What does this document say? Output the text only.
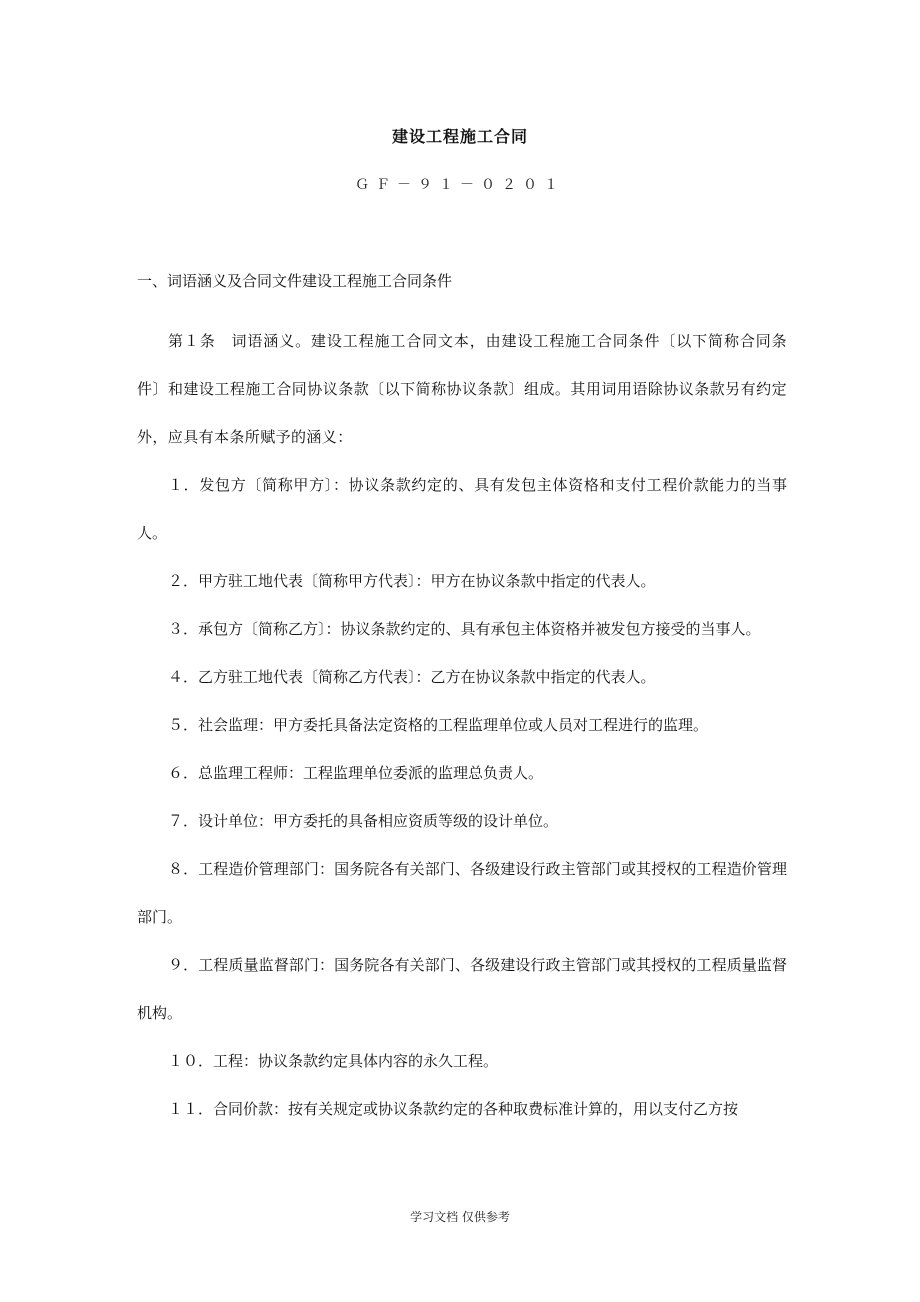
建设工程施工合同
ＧＦ－９１－０２０１
一、词语涵义及合同文件建设工程施工合同条件

第１条　词语涵义。建设工程施工合同文本，由建设工程施工合同条件〔以下简称合同条件〕和建设工程施工合同协议条款〔以下简称协议条款〕组成。其用词用语除协议条款另有约定外，应具有本条所赋予的涵义：

１．发包方〔简称甲方〕：协议条款约定的、具有发包主体资格和支付工程价款能力的当事人。

２．甲方驻工地代表〔简称甲方代表〕：甲方在协议条款中指定的代表人。

３．承包方〔简称乙方〕：协议条款约定的、具有承包主体资格并被发包方接受的当事人。

４．乙方驻工地代表〔简称乙方代表〕：乙方在协议条款中指定的代表人。

５．社会监理：甲方委托具备法定资格的工程监理单位或人员对工程进行的监理。

６．总监理工程师：工程监理单位委派的监理总负责人。

７．设计单位：甲方委托的具备相应资质等级的设计单位。

８．工程造价管理部门：国务院各有关部门、各级建设行政主管部门或其授权的工程造价管理部门。

９．工程质量监督部门：国务院各有关部门、各级建设行政主管部门或其授权的工程质量监督机构。

１０．工程：协议条款约定具体内容的永久工程。

１１．合同价款：按有关规定或协议条款约定的各种取费标准计算的，用以支付乙方按

学习文档 仅供参考
